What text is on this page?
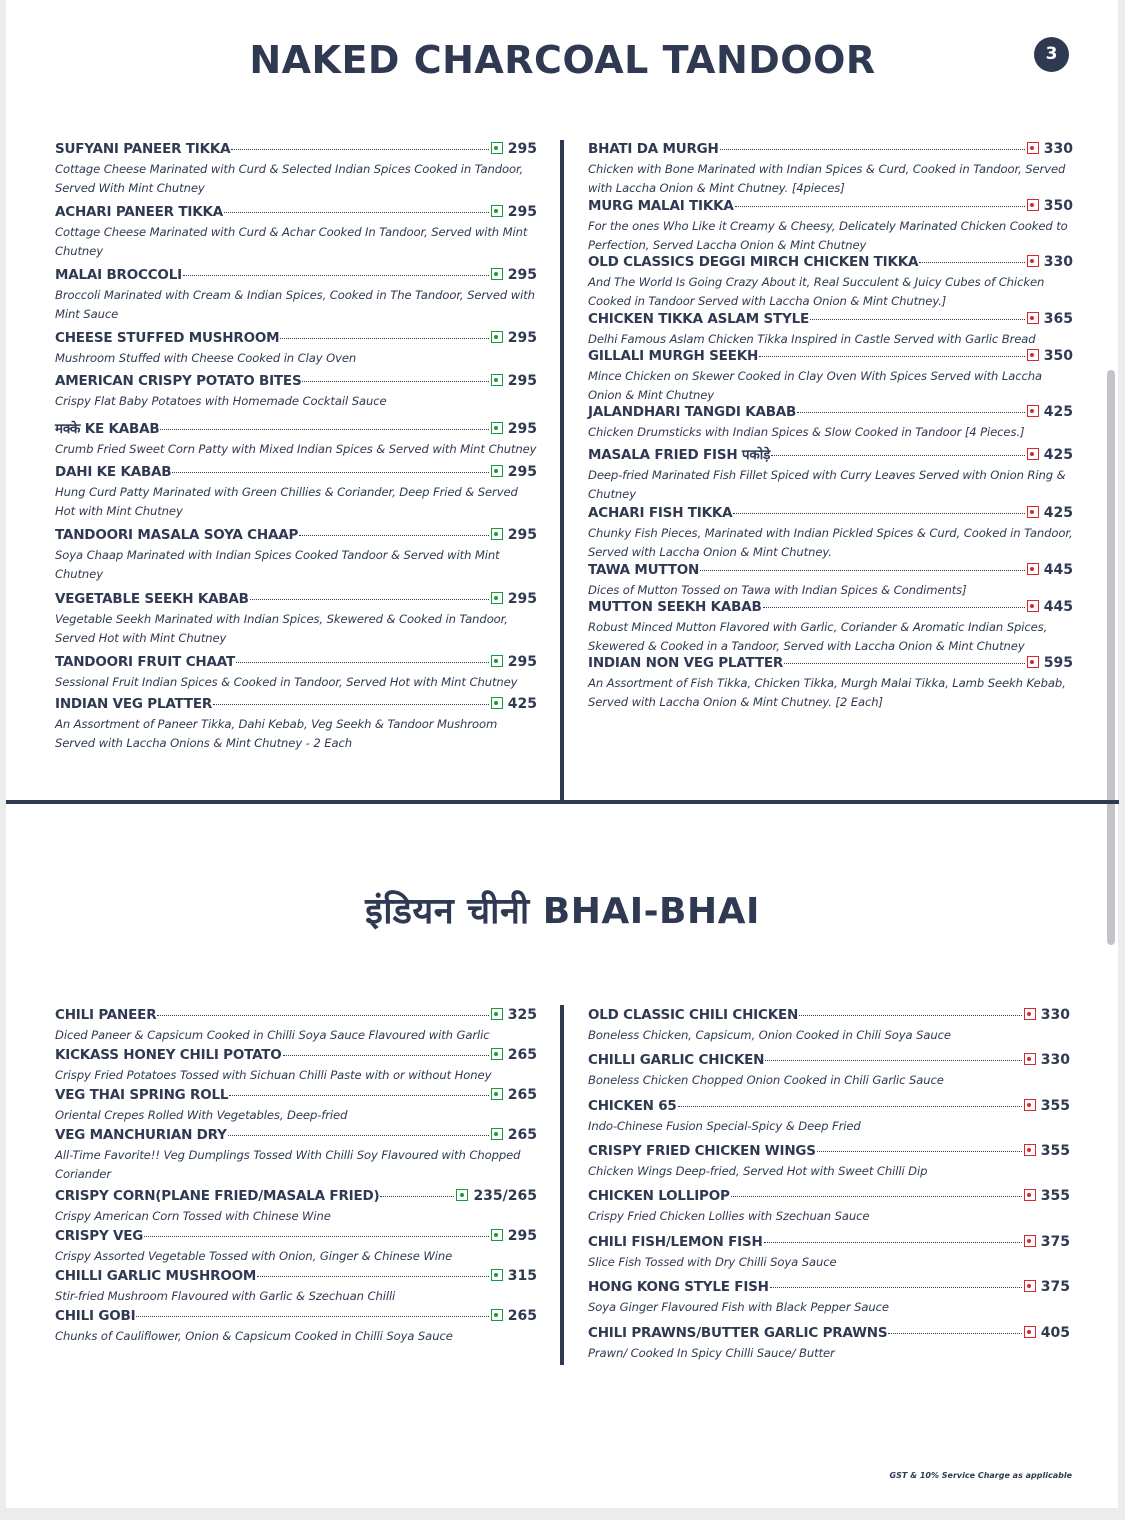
NAKED CHARCOAL TANDOOR	3
SUFYANI PANEER TIKKA	295
Cottage Cheese Marinated with Curd & Selected Indian Spices Cooked in Tandoor, Served With Mint Chutney
ACHARI PANEER TIKKA	295
Cottage Cheese Marinated with Curd & Achar Cooked In Tandoor, Served with Mint Chutney
MALAI BROCCOLI	295
Broccoli Marinated with Cream & Indian Spices, Cooked in The Tandoor, Served with Mint Sauce
CHEESE STUFFED MUSHROOM	295
Mushroom Stuffed with Cheese Cooked in Clay Oven
AMERICAN CRISPY POTATO BITES	295
Crispy Flat Baby Potatoes with Homemade Cocktail Sauce
मक्के KE KABAB	295
Crumb Fried Sweet Corn Patty with Mixed Indian Spices & Served with Mint Chutney
DAHI KE KABAB	295
Hung Curd Patty Marinated with Green Chillies & Coriander, Deep Fried & Served Hot with Mint Chutney
TANDOORI MASALA SOYA CHAAP	295
Soya Chaap Marinated with Indian Spices Cooked Tandoor & Served with Mint Chutney
VEGETABLE SEEKH KABAB	295
Vegetable Seekh Marinated with Indian Spices, Skewered & Cooked in Tandoor, Served Hot with Mint Chutney
TANDOORI FRUIT CHAAT	295
Sessional Fruit Indian Spices & Cooked in Tandoor, Served Hot with Mint Chutney
INDIAN VEG PLATTER	425
An Assortment of Paneer Tikka, Dahi Kebab, Veg Seekh & Tandoor Mushroom Served with Laccha Onions & Mint Chutney - 2 Each
BHATI DA MURGH	330
Chicken with Bone Marinated with Indian Spices & Curd, Cooked in Tandoor, Served with Laccha Onion & Mint Chutney. [4pieces]
MURG MALAI TIKKA	350
For the ones Who Like it Creamy & Cheesy, Delicately Marinated Chicken Cooked to Perfection, Served Laccha Onion & Mint Chutney
OLD CLASSICS DEGGI MIRCH CHICKEN TIKKA	330
And The World Is Going Crazy About it, Real Succulent & Juicy Cubes of Chicken Cooked in Tandoor Served with Laccha Onion & Mint Chutney.]
CHICKEN TIKKA ASLAM STYLE	365
Delhi Famous Aslam Chicken Tikka Inspired in Castle Served with Garlic Bread
GILLALI MURGH SEEKH	350
Mince Chicken on Skewer Cooked in Clay Oven With Spices Served with Laccha Onion & Mint Chutney
JALANDHARI TANGDI KABAB	425
Chicken Drumsticks with Indian Spices & Slow Cooked in Tandoor [4 Pieces.]
MASALA FRIED FISH पकोड़े	425
Deep-fried Marinated Fish Fillet Spiced with Curry Leaves Served with Onion Ring & Chutney
ACHARI FISH TIKKA	425
Chunky Fish Pieces, Marinated with Indian Pickled Spices & Curd, Cooked in Tandoor, Served with Laccha Onion & Mint Chutney.
TAWA MUTTON	445
Dices of Mutton Tossed on Tawa with Indian Spices & Condiments]
MUTTON SEEKH KABAB	445
Robust Minced Mutton Flavored with Garlic, Coriander & Aromatic Indian Spices, Skewered & Cooked in a Tandoor, Served with Laccha Onion & Mint Chutney
INDIAN NON VEG PLATTER	595
An Assortment of Fish Tikka, Chicken Tikka, Murgh Malai Tikka, Lamb Seekh Kebab, Served with Laccha Onion & Mint Chutney. [2 Each]
इंडियन चीनी BHAI-BHAI
CHILI PANEER	325
Diced Paneer & Capsicum Cooked in Chilli Soya Sauce Flavoured with Garlic
KICKASS HONEY CHILI POTATO	265
Crispy Fried Potatoes Tossed with Sichuan Chilli Paste with or without Honey
VEG THAI SPRING ROLL	265
Oriental Crepes Rolled With Vegetables, Deep-fried
VEG MANCHURIAN DRY	265
All-Time Favorite!! Veg Dumplings Tossed With Chilli Soy Flavoured with Chopped Coriander
CRISPY CORN(PLANE FRIED/MASALA FRIED)	235/265
Crispy American Corn Tossed with Chinese Wine
CRISPY VEG	295
Crispy Assorted Vegetable Tossed with Onion, Ginger & Chinese Wine
CHILLI GARLIC MUSHROOM	315
Stir-fried Mushroom Flavoured with Garlic & Szechuan Chilli
CHILI GOBI	265
Chunks of Cauliflower, Onion & Capsicum Cooked in Chilli Soya Sauce
OLD CLASSIC CHILI CHICKEN	330
Boneless Chicken, Capsicum, Onion Cooked in Chili Soya Sauce
CHILLI GARLIC CHICKEN	330
Boneless Chicken Chopped Onion Cooked in Chili Garlic Sauce
CHICKEN 65	355
Indo-Chinese Fusion Special-Spicy & Deep Fried
CRISPY FRIED CHICKEN WINGS	355
Chicken Wings Deep-fried, Served Hot with Sweet Chilli Dip
CHICKEN LOLLIPOP	355
Crispy Fried Chicken Lollies with Szechuan Sauce
CHILI FISH/LEMON FISH	375
Slice Fish Tossed with Dry Chilli Soya Sauce
HONG KONG STYLE FISH	375
Soya Ginger Flavoured Fish with Black Pepper Sauce
CHILI PRAWNS/BUTTER GARLIC PRAWNS	405
Prawn/ Cooked In Spicy Chilli Sauce/ Butter
GST & 10% Service Charge as applicable
